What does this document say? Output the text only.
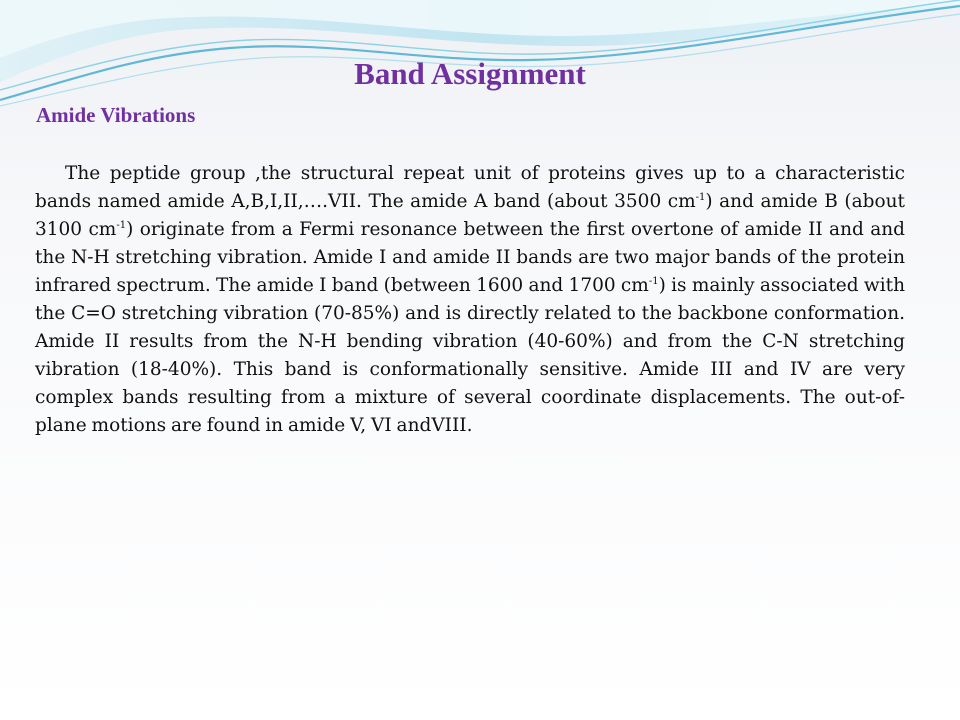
Band Assignment
Amide Vibrations

The peptide group ,the structural repeat unit of proteins gives up to a characteristic bands named amide A,B,I,II,….VII. The amide A band (about 3500 $cm^{-1}$) and amide B (about 3100 $cm^{-1}$) originate from a Fermi resonance between the first overtone of amide II and and the N-H stretching vibration. Amide I and amide II bands are two major bands of the protein infrared spectrum. The amide I band (between 1600 and 1700 $cm^{-1}$) is mainly associated with the C=O stretching vibration (70-85%) and is directly related to the backbone conformation. Amide II results from the N-H bending vibration (40-60%) and from the C-N stretching vibration (18-40%). This band is conformationally sensitive. Amide III and IV are very complex bands resulting from a mixture of several coordinate displacements. The out-of-plane motions are found in amide V, VI andVIII.
